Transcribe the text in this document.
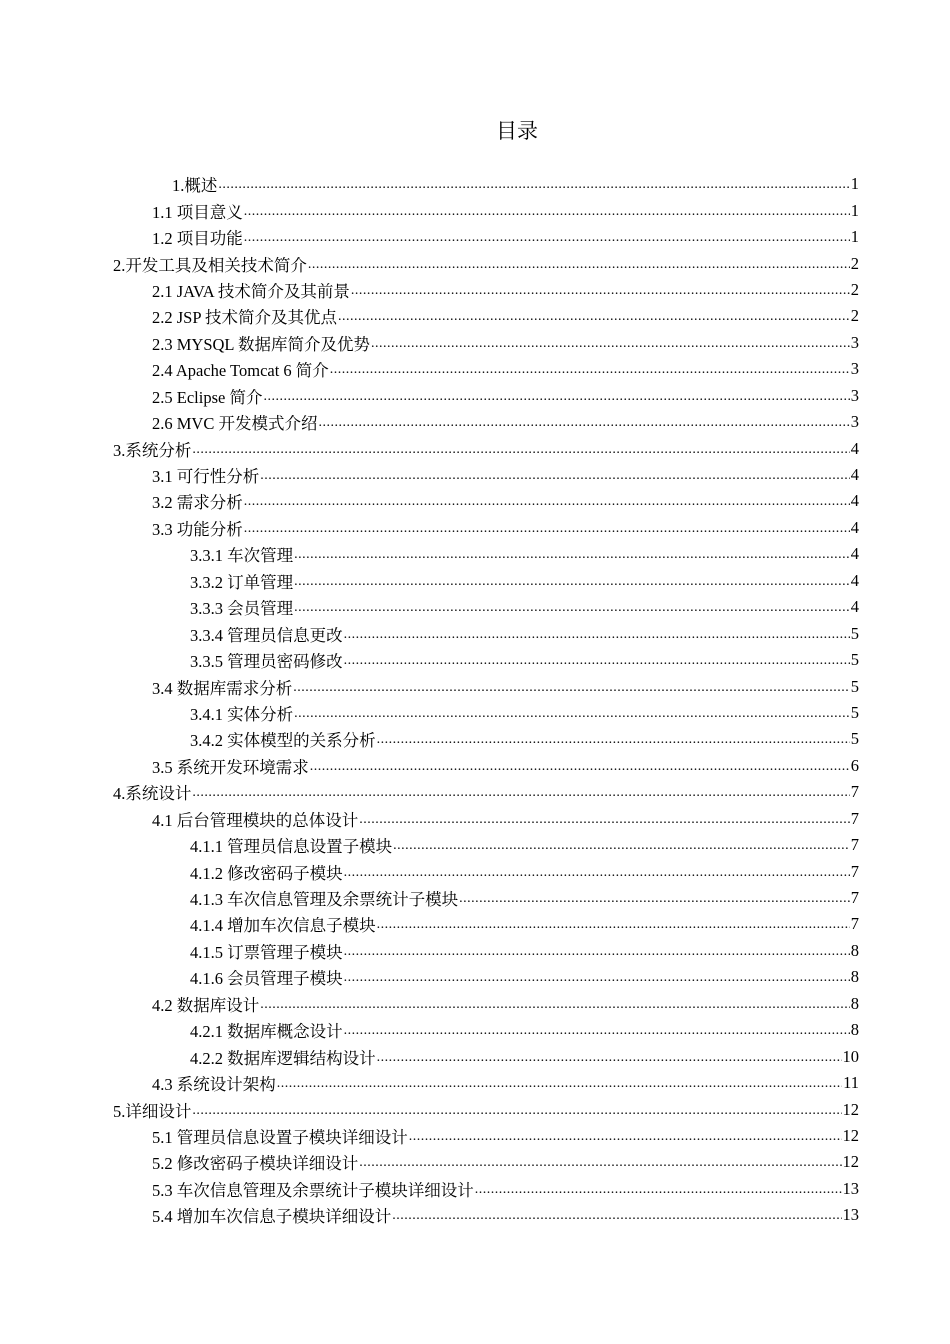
目录
1.概述 .....	1
1.1 项目意义 .....	1
1.2 项目功能 .....	1
2.开发工具及相关技术简介 .....	2
2.1 JAVA 技术简介及其前景 .....	2
2.2 JSP 技术简介及其优点 .....	2
2.3 MYSQL 数据库简介及优势 .....	3
2.4 Apache Tomcat 6 简介 .....	3
2.5 Eclipse 简介 .....	3
2.6 MVC 开发模式介绍 .....	3
3.系统分析 .....	4
3.1 可行性分析 .....	4
3.2 需求分析 .....	4
3.3 功能分析 .....	4
3.3.1 车次管理 .....	4
3.3.2 订单管理 .....	4
3.3.3 会员管理 .....	4
3.3.4 管理员信息更改 .....	5
3.3.5 管理员密码修改 .....	5
3.4 数据库需求分析 .....	5
3.4.1 实体分析 .....	5
3.4.2 实体模型的关系分析 .....	5
3.5 系统开发环境需求 .....	6
4.系统设计 .....	7
4.1 后台管理模块的总体设计 .....	7
4.1.1 管理员信息设置子模块 .....	7
4.1.2 修改密码子模块 .....	7
4.1.3 车次信息管理及余票统计子模块 .....	7
4.1.4 增加车次信息子模块 .....	7
4.1.5 订票管理子模块 .....	8
4.1.6 会员管理子模块 .....	8
4.2 数据库设计 .....	8
4.2.1 数据库概念设计 .....	8
4.2.2 数据库逻辑结构设计 .....	10
4.3 系统设计架构 .....	11
5.详细设计 .....	12
5.1 管理员信息设置子模块详细设计 .....	12
5.2 修改密码子模块详细设计 .....	12
5.3 车次信息管理及余票统计子模块详细设计 .....	13
5.4 增加车次信息子模块详细设计 .....	13
